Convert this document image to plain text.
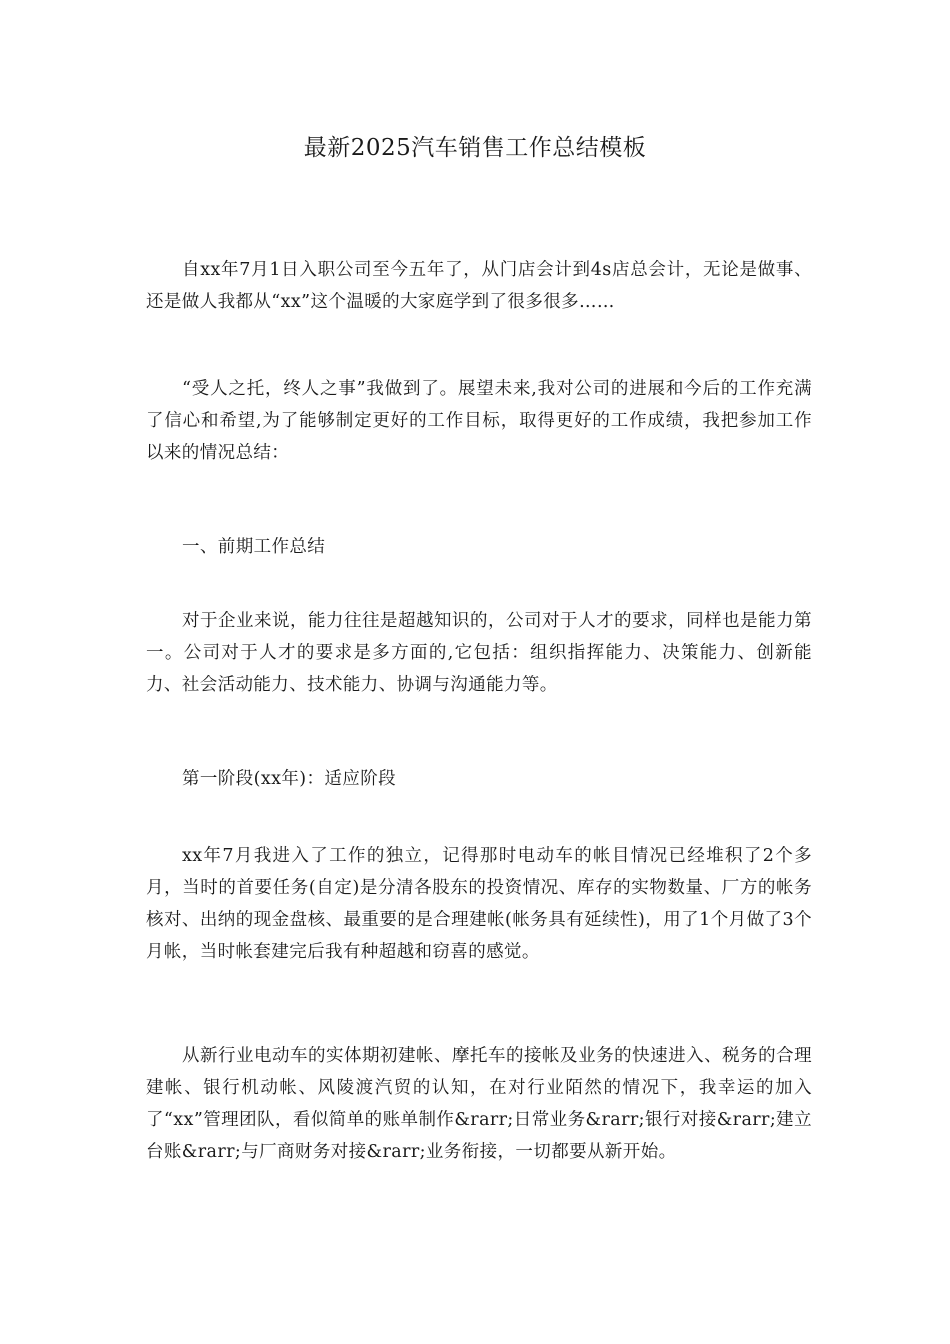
最新2025汽车销售工作总结模板

自xx年7月1日入职公司至今五年了，从门店会计到4s店总会计，无论是做事、还是做人我都从“xx”这个温暖的大家庭学到了很多很多……

“受人之托，终人之事”我做到了。展望未来,我对公司的进展和今后的工作充满了信心和希望,为了能够制定更好的工作目标，取得更好的工作成绩，我把参加工作以来的情况总结：

一、前期工作总结

对于企业来说，能力往往是超越知识的，公司对于人才的要求，同样也是能力第一。公司对于人才的要求是多方面的,它包括：组织指挥能力、决策能力、创新能力、社会活动能力、技术能力、协调与沟通能力等。

第一阶段(xx年)：适应阶段

xx年7月我进入了工作的独立，记得那时电动车的帐目情况已经堆积了2个多月，当时的首要任务(自定)是分清各股东的投资情况、库存的实物数量、厂方的帐务核对、出纳的现金盘核、最重要的是合理建帐(帐务具有延续性)，用了1个月做了3个月帐，当时帐套建完后我有种超越和窃喜的感觉。

从新行业电动车的实体期初建帐、摩托车的接帐及业务的快速进入、税务的合理建帐、银行机动帐、风陵渡汽贸的认知，在对行业陌然的情况下，我幸运的加入了“xx”管理团队，看似简单的账单制作&rarr;日常业务&rarr;银行对接&rarr;建立台账&rarr;与厂商财务对接&rarr;业务衔接，一切都要从新开始。
